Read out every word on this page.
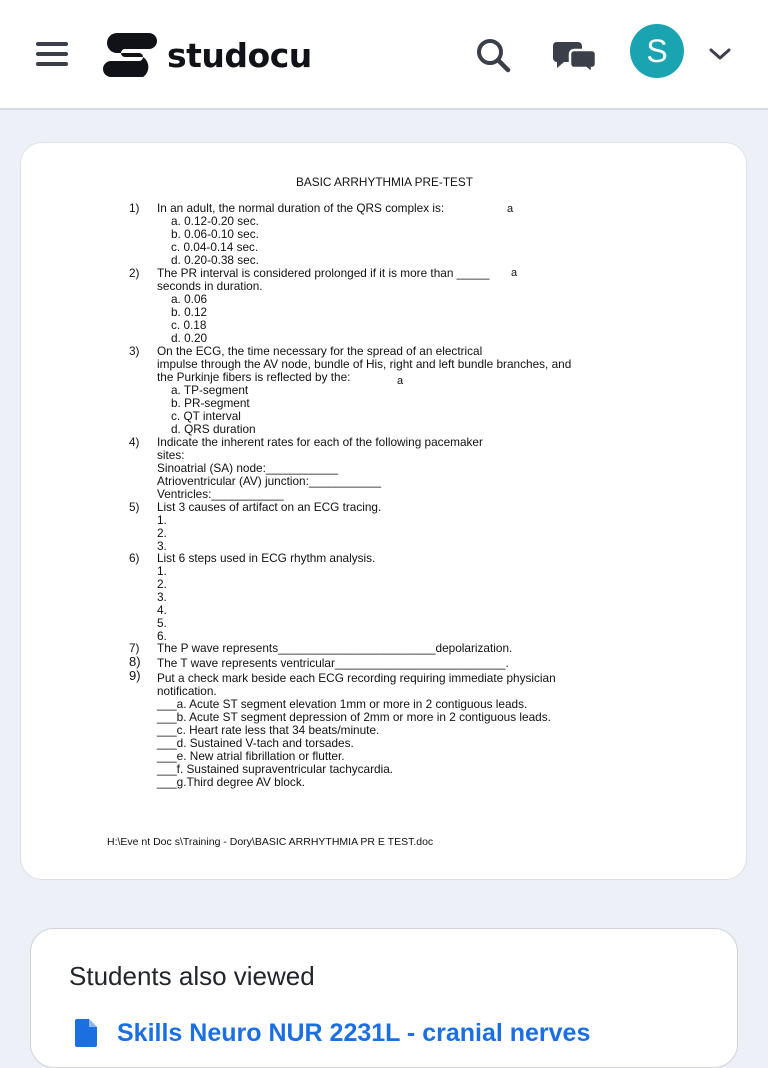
studocu	S
BASIC ARRHYTHMIA PRE-TEST
1) In an adult, the normal duration of the QRS complex is:	a
a. 0.12-0.20 sec.
b. 0.06-0.10 sec.
c. 0.04-0.14 sec.
d. 0.20-0.38 sec.
2) The PR interval is considered prolonged if it is more than _____ a
seconds in duration.
a. 0.06
b. 0.12
c. 0.18
d. 0.20
3) On the ECG, the time necessary for the spread of an electrical
impulse through the AV node, bundle of His, right and left bundle branches, and
the Purkinje fibers is reflected by the:	a
a. TP-segment
b. PR-segment
c. QT interval
d. QRS duration
4) Indicate the inherent rates for each of the following pacemaker
sites:
Sinoatrial (SA) node:___________
Atrioventricular (AV) junction:___________
Ventricles:___________
5) List 3 causes of artifact on an ECG tracing.
1.
2.
3.
6) List 6 steps used in ECG rhythm analysis.
1.
2.
3.
4.
5.
6.
7) The P wave represents________________________depolarization.
8) The T wave represents ventricular__________________________.
9) Put a check mark beside each ECG recording requiring immediate physician
notification.
___a. Acute ST segment elevation 1mm or more in 2 contiguous leads.
___b. Acute ST segment depression of 2mm or more in 2 contiguous leads.
___c. Heart rate less that 34 beats/minute.
___d. Sustained V-tach and torsades.
___e. New atrial fibrillation or flutter.
___f. Sustained supraventricular tachycardia.
___g.Third degree AV block.
H:\Eve nt Doc s\Training - Dory\BASIC ARRHYTHMIA PR E TEST.doc
Students also viewed
Skills Neuro NUR 2231L - cranial nerves
